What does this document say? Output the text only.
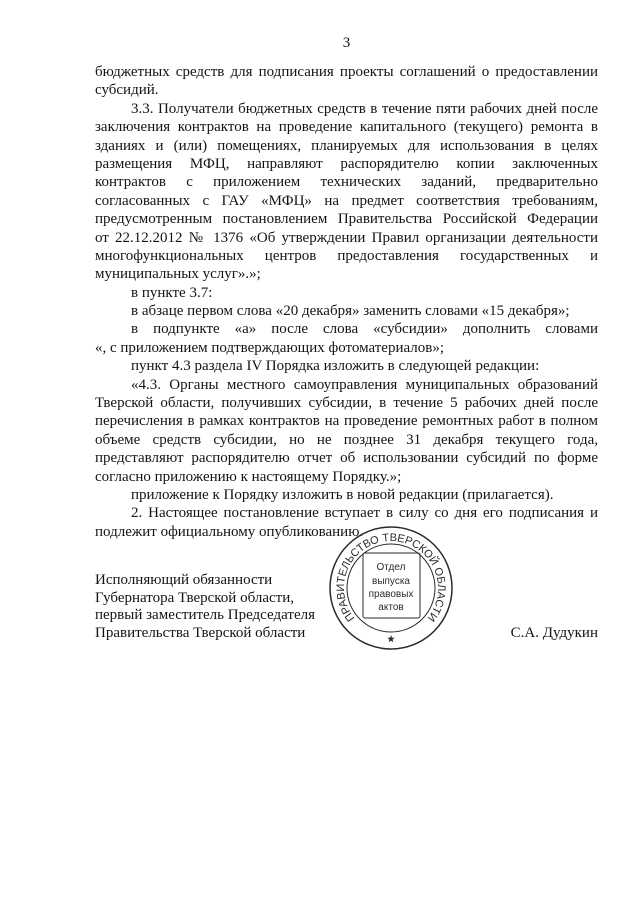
3
бюджетных средств для подписания проекты соглашений о предоставлении
субсидий.
3.3. Получатели бюджетных средств в течение пяти рабочих дней после
заключения контрактов на проведение капитального (текущего) ремонта в
зданиях и (или) помещениях, планируемых для использования в целях
размещения МФЦ, направляют распорядителю копии заключенных
контрактов с приложением технических заданий, предварительно
согласованных с ГАУ «МФЦ» на предмет соответствия требованиям,
предусмотренным постановлением Правительства Российской Федерации
от 22.12.2012 № 1376 «Об утверждении Правил организации деятельности
многофункциональных центров предоставления государственных и
муниципальных услуг».»;
в пункте 3.7:
в абзаце первом слова «20 декабря» заменить словами «15 декабря»;
в подпункте «а» после слова «субсидии» дополнить словами
«, с приложением подтверждающих фотоматериалов»;
пункт 4.3 раздела IV Порядка изложить в следующей редакции:
«4.3. Органы местного самоуправления муниципальных образований
Тверской области, получивших субсидии, в течение 5 рабочих дней после
перечисления в рамках контрактов на проведение ремонтных работ в полном
объеме средств субсидии, но не позднее 31 декабря текущего года,
представляют распорядителю отчет об использовании субсидий по форме
согласно приложению к настоящему Порядку.»;
приложение к Порядку изложить в новой редакции (прилагается).
2. Настоящее постановление вступает в силу со дня его подписания и
подлежит официальному опубликованию.
Исполняющий обязанности
Губернатора Тверской области,
первый заместитель Председателя
Правительства Тверской области	С.А. Дудукин
ПРАВИТЕЛЬСТВО ТВЕРСКОЙ ОБЛАСТИ
Отдел
выпуска
правовых
актов
